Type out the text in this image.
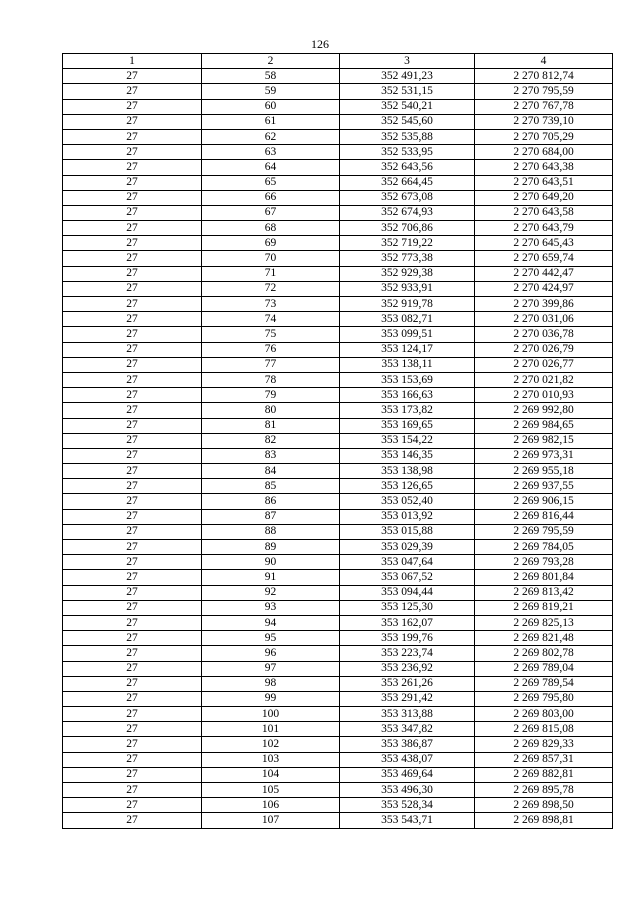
126
1	2	3	4
27	58	352 491,23	2 270 812,74
27	59	352 531,15	2 270 795,59
27	60	352 540,21	2 270 767,78
27	61	352 545,60	2 270 739,10
27	62	352 535,88	2 270 705,29
27	63	352 533,95	2 270 684,00
27	64	352 643,56	2 270 643,38
27	65	352 664,45	2 270 643,51
27	66	352 673,08	2 270 649,20
27	67	352 674,93	2 270 643,58
27	68	352 706,86	2 270 643,79
27	69	352 719,22	2 270 645,43
27	70	352 773,38	2 270 659,74
27	71	352 929,38	2 270 442,47
27	72	352 933,91	2 270 424,97
27	73	352 919,78	2 270 399,86
27	74	353 082,71	2 270 031,06
27	75	353 099,51	2 270 036,78
27	76	353 124,17	2 270 026,79
27	77	353 138,11	2 270 026,77
27	78	353 153,69	2 270 021,82
27	79	353 166,63	2 270 010,93
27	80	353 173,82	2 269 992,80
27	81	353 169,65	2 269 984,65
27	82	353 154,22	2 269 982,15
27	83	353 146,35	2 269 973,31
27	84	353 138,98	2 269 955,18
27	85	353 126,65	2 269 937,55
27	86	353 052,40	2 269 906,15
27	87	353 013,92	2 269 816,44
27	88	353 015,88	2 269 795,59
27	89	353 029,39	2 269 784,05
27	90	353 047,64	2 269 793,28
27	91	353 067,52	2 269 801,84
27	92	353 094,44	2 269 813,42
27	93	353 125,30	2 269 819,21
27	94	353 162,07	2 269 825,13
27	95	353 199,76	2 269 821,48
27	96	353 223,74	2 269 802,78
27	97	353 236,92	2 269 789,04
27	98	353 261,26	2 269 789,54
27	99	353 291,42	2 269 795,80
27	100	353 313,88	2 269 803,00
27	101	353 347,82	2 269 815,08
27	102	353 386,87	2 269 829,33
27	103	353 438,07	2 269 857,31
27	104	353 469,64	2 269 882,81
27	105	353 496,30	2 269 895,78
27	106	353 528,34	2 269 898,50
27	107	353 543,71	2 269 898,81
